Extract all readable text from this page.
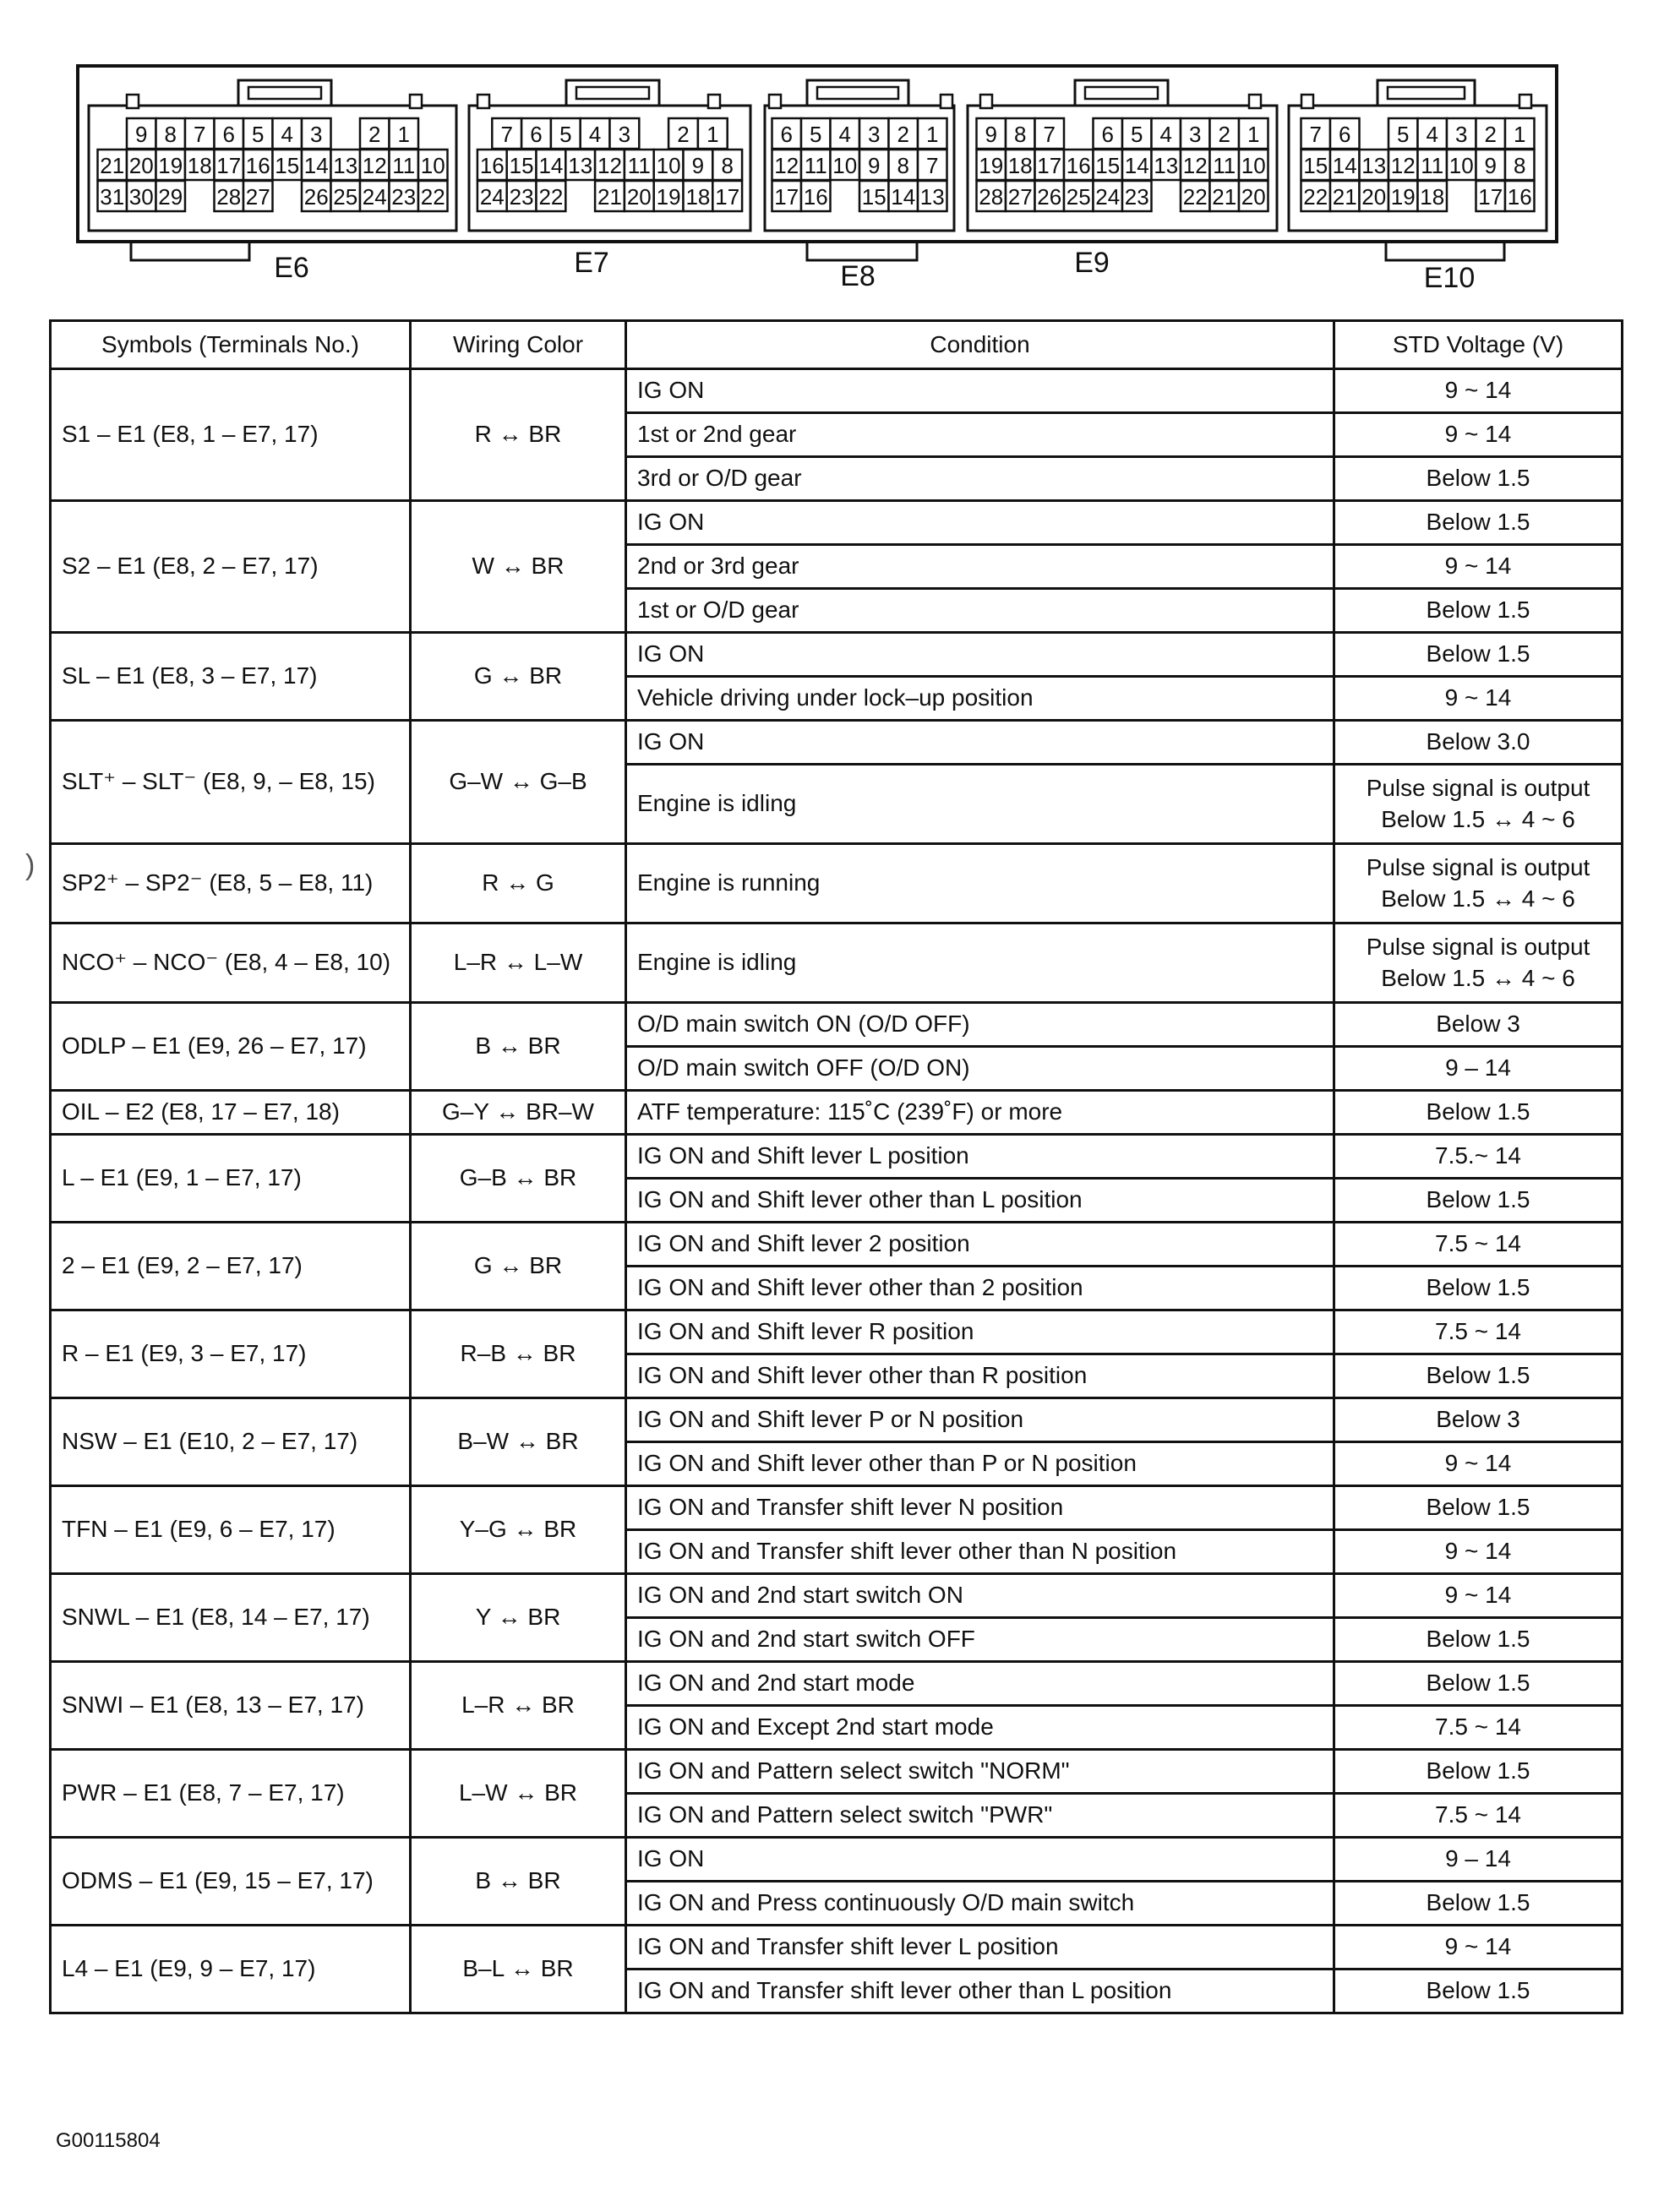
E6
9 8 7 6 5 4 3 2 1
21 20 19 18 17 16 15 14 13 12 11 10
31 30 29 28 27 26 25 24 23 22
E7
7 6 5 4 3 2 1
16 15 14 13 12 11 10 9 8
24 23 22 21 20 19 18 17
E8
6 5 4 3 2 1
12 11 10 9 8 7
17 16 15 14 13
E9
9 8 7 6 5 4 3 2 1
19 18 17 16 15 14 13 12 11 10
28 27 26 25 24 23 22 21 20
E10
7 6 5 4 3 2 1
15 14 13 12 11 10 9 8
22 21 20 19 18 17 16
Symbols (Terminals No.)	Wiring Color	Condition	STD Voltage (V)
S1 – E1 (E8, 1 – E7, 17)	R ↔ BR	IG ON	9 ~ 14
		1st or 2nd gear	9 ~ 14
		3rd or O/D gear	Below 1.5
S2 – E1 (E8, 2 – E7, 17)	W ↔ BR	IG ON	Below 1.5
		2nd or 3rd gear	9 ~ 14
		1st or O/D gear	Below 1.5
SL – E1 (E8, 3 – E7, 17)	G ↔ BR	IG ON	Below 1.5
		Vehicle driving under lock–up position	9 ~ 14
SLT⁺ – SLT⁻ (E8, 9, – E8, 15)	G–W ↔ G–B	IG ON	Below 3.0
		Engine is idling	Pulse signal is output
Below 1.5 ↔ 4 ~ 6

SP2⁺ – SP2⁻ (E8, 5 – E8, 11)	R ↔ G	Engine is running	Pulse signal is output
Below 1.5 ↔ 4 ~ 6

NCO⁺ – NCO⁻ (E8, 4 – E8, 10)	L–R ↔ L–W	Engine is idling	Pulse signal is output
Below 1.5 ↔ 4 ~ 6

ODLP – E1 (E9, 26 – E7, 17)	B ↔ BR	O/D main switch ON (O/D OFF)	Below 3
		O/D main switch OFF (O/D ON)	9 – 14
OIL – E2 (E8, 17 – E7, 18)	G–Y ↔ BR–W	ATF temperature: 115˚C (239˚F) or more	Below 1.5
L – E1 (E9, 1 – E7, 17)	G–B ↔ BR	IG ON and Shift lever L position	7.5.~ 14
		IG ON and Shift lever other than L position	Below 1.5
2 – E1 (E9, 2 – E7, 17)	G ↔ BR	IG ON and Shift lever 2 position	7.5 ~ 14
		IG ON and Shift lever other than 2 position	Below 1.5
R – E1 (E9, 3 – E7, 17)	R–B ↔ BR	IG ON and Shift lever R position	7.5 ~ 14
		IG ON and Shift lever other than R position	Below 1.5
NSW – E1 (E10, 2 – E7, 17)	B–W ↔ BR	IG ON and Shift lever P or N position	Below 3
		IG ON and Shift lever other than P or N position	9 ~ 14
TFN – E1 (E9, 6 – E7, 17)	Y–G ↔ BR	IG ON and Transfer shift lever N position	Below 1.5
		IG ON and Transfer shift lever other than N position	9 ~ 14
SNWL – E1 (E8, 14 – E7, 17)	Y ↔ BR	IG ON and 2nd start switch ON	9 ~ 14
		IG ON and 2nd start switch OFF	Below 1.5
SNWI – E1 (E8, 13 – E7, 17)	L–R ↔ BR	IG ON and 2nd start mode	Below 1.5
		IG ON and Except 2nd start mode	7.5 ~ 14
PWR – E1 (E8, 7 – E7, 17)	L–W ↔ BR	IG ON and Pattern select switch "NORM"	Below 1.5
		IG ON and Pattern select switch "PWR"	7.5 ~ 14
ODMS – E1 (E9, 15 – E7, 17)	B ↔ BR	IG ON	9 – 14
		IG ON and Press continuously O/D main switch	Below 1.5
L4 – E1 (E9, 9 – E7, 17)	B–L ↔ BR	IG ON and Transfer shift lever L position	9 ~ 14
		IG ON and Transfer shift lever other than L position	Below 1.5
G00115804
)
